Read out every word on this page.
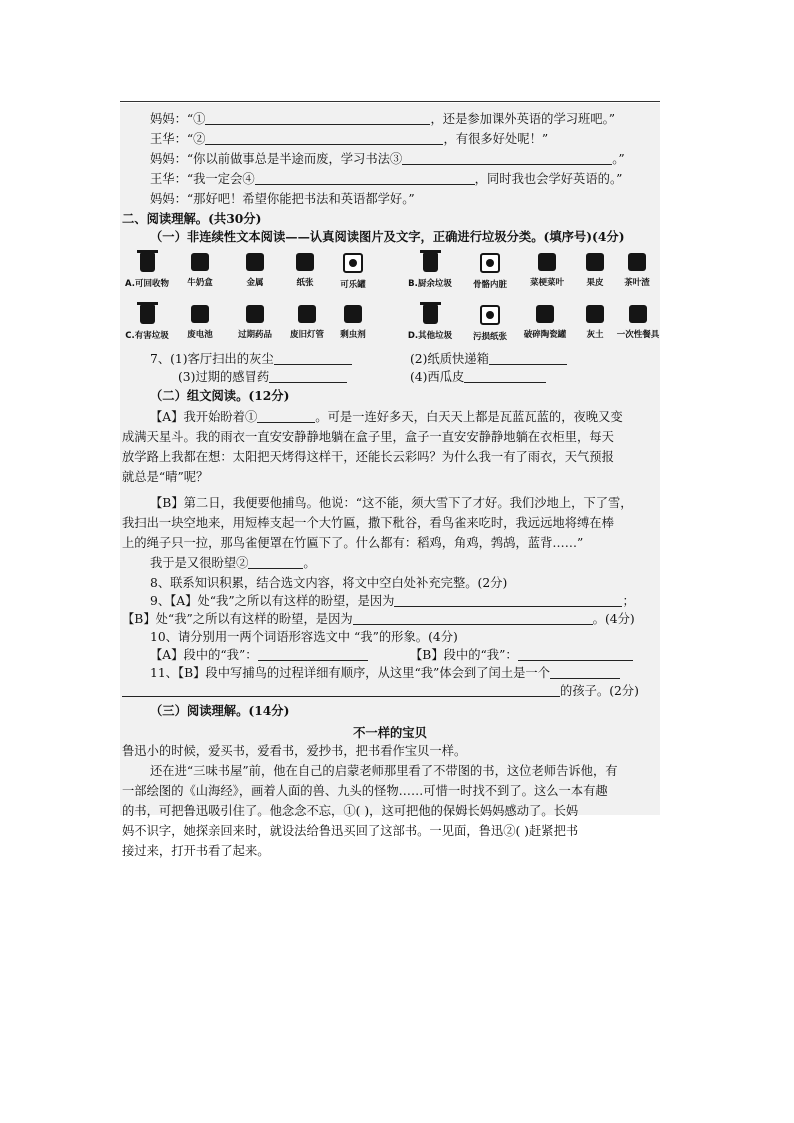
妈妈：“①	，还是参加课外英语的学习班吧。”
王华：“②	，有很多好处呢！”
妈妈：“你以前做事总是半途而废，学习书法③	。”
王华：“我一定会④	，同时我也会学好英语的。”
妈妈：“那好吧！希望你能把书法和英语都学好。”
二、阅读理解。(共30分)
（一）非连续性文本阅读——认真阅读图片及文字，正确进行垃圾分类。(填序号)(4分)
A.可回收物	牛奶盒	金属	纸张	可乐罐	B.厨余垃圾	骨骼内脏	菜梗菜叶	果皮	茶叶渣
C.有害垃圾	废电池	过期药品	废旧灯管	剩虫剂	D.其他垃圾	污损纸张	破碎陶瓷罐	灰土	一次性餐具
7、(1)客厅扫出的灰尘	(2)纸质快递箱
(3)过期的感冒药	(4)西瓜皮
（二）组文阅读。(12分)
【A】我开始盼着①	。可是一连好多天，白天天上都是瓦蓝瓦蓝的，夜晚又变
成满天星斗。我的雨衣一直安安静静地躺在盒子里，盒子一直安安静静地躺在衣柜里，每天
放学路上我都在想：太阳把天烤得这样干，还能长云彩吗？为什么我一有了雨衣，天气预报
就总是“晴”呢？
【B】第二日，我便要他捕鸟。他说：“这不能，须大雪下了才好。我们沙地上，下了雪，
我扫出一块空地来，用短棒支起一个大竹匾，撒下秕谷，看鸟雀来吃时，我远远地将缚在棒
上的绳子只一拉，那鸟雀便罩在竹匾下了。什么都有：稻鸡，角鸡，鹁鸪，蓝背……”
我于是又很盼望②	。
8、联系知识积累，结合选文内容，将文中空白处补充完整。(2分)
9、【A】处“我”之所以有这样的盼望，是因为	；
【B】处“我”之所以有这样的盼望，是因为	。(4分)
10、请分别用一两个词语形容选文中 “我”的形象。(4分)
【A】段中的“我”：	【B】段中的“我”：
11、【B】段中写捕鸟的过程详细有顺序，从这里“我”体会到了闰土是一个
的孩子。(2分)
（三）阅读理解。(14分)
不一样的宝贝
鲁迅小的时候，爱买书，爱看书，爱抄书，把书看作宝贝一样。
还在进“三味书屋”前，他在自己的启蒙老师那里看了不带图的书，这位老师告诉他，有
一部绘图的《山海经》，画着人面的兽、九头的怪物……可惜一时找不到了。这么一本有趣
的书，可把鲁迅吸引住了。他念念不忘，①( )，这可把他的保姆长妈妈感动了。长妈
妈不识字，她探亲回来时，就设法给鲁迅买回了这部书。一见面，鲁迅②( )赶紧把书
接过来，打开书看了起来。
